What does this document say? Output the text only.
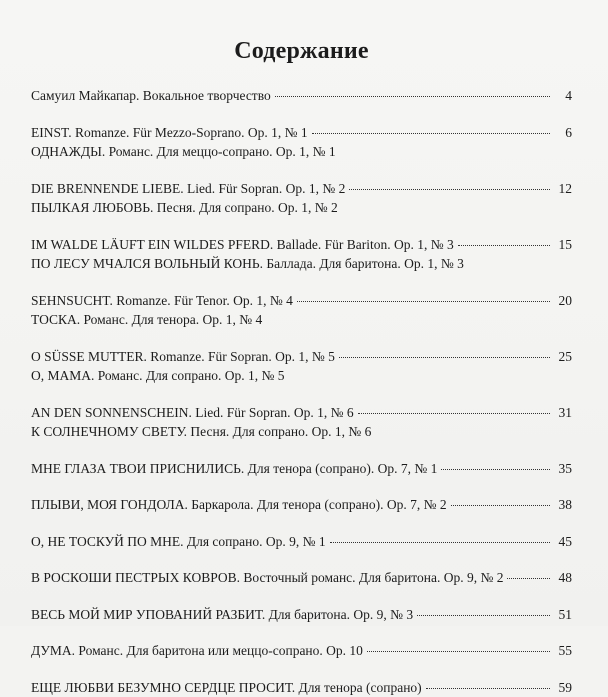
Содержание
Самуил Майкапар. Вокальное творчество	4
EINST. Romanze. Für Mezzo-Soprano. Op. 1, № 1	6
ОДНАЖДЫ. Романс. Для меццо-сопрано. Op. 1, № 1
DIE BRENNENDE LIEBE. Lied. Für Sopran. Op. 1, № 2	12
ПЫЛКАЯ ЛЮБОВЬ. Песня. Для сопрано. Op. 1, № 2
IM WALDE LÄUFT EIN WILDES PFERD. Ballade. Für Bariton. Op. 1, № 3	15
ПО ЛЕСУ МЧАЛСЯ ВОЛЬНЫЙ КОНЬ. Баллада. Для баритона. Op. 1, № 3
SEHNSUCHT. Romanze. Für Tenor. Op. 1, № 4	20
ТОСКА. Романс. Для тенора. Op. 1, № 4
O SÜSSE MUTTER. Romanze. Für Sopran. Op. 1, № 5	25
О, МАМА. Романс. Для сопрано. Op. 1, № 5
AN DEN SONNENSCHEIN. Lied. Für Sopran. Op. 1, № 6	31
К СОЛНЕЧНОМУ СВЕТУ. Песня. Для сопрано. Op. 1, № 6
МНЕ ГЛАЗА ТВОИ ПРИСНИЛИСЬ. Для тенора (сопрано). Op. 7, № 1	35
ПЛЫВИ, МОЯ ГОНДОЛА. Баркарола. Для тенора (сопрано). Op. 7, № 2	38
О, НЕ ТОСКУЙ ПО МНЕ. Для сопрано. Op. 9, № 1	45
В РОСКОШИ ПЕСТРЫХ КОВРОВ. Восточный романс. Для баритона. Op. 9, № 2	48
ВЕСЬ МОЙ МИР УПОВАНИЙ РАЗБИТ. Для баритона. Op. 9, № 3	51
ДУМА. Романс. Для баритона или меццо-сопрано. Op. 10	55
ЕЩЕ ЛЮБВИ БЕЗУМНО СЕРДЦЕ ПРОСИТ. Для тенора (сопрано)	59
